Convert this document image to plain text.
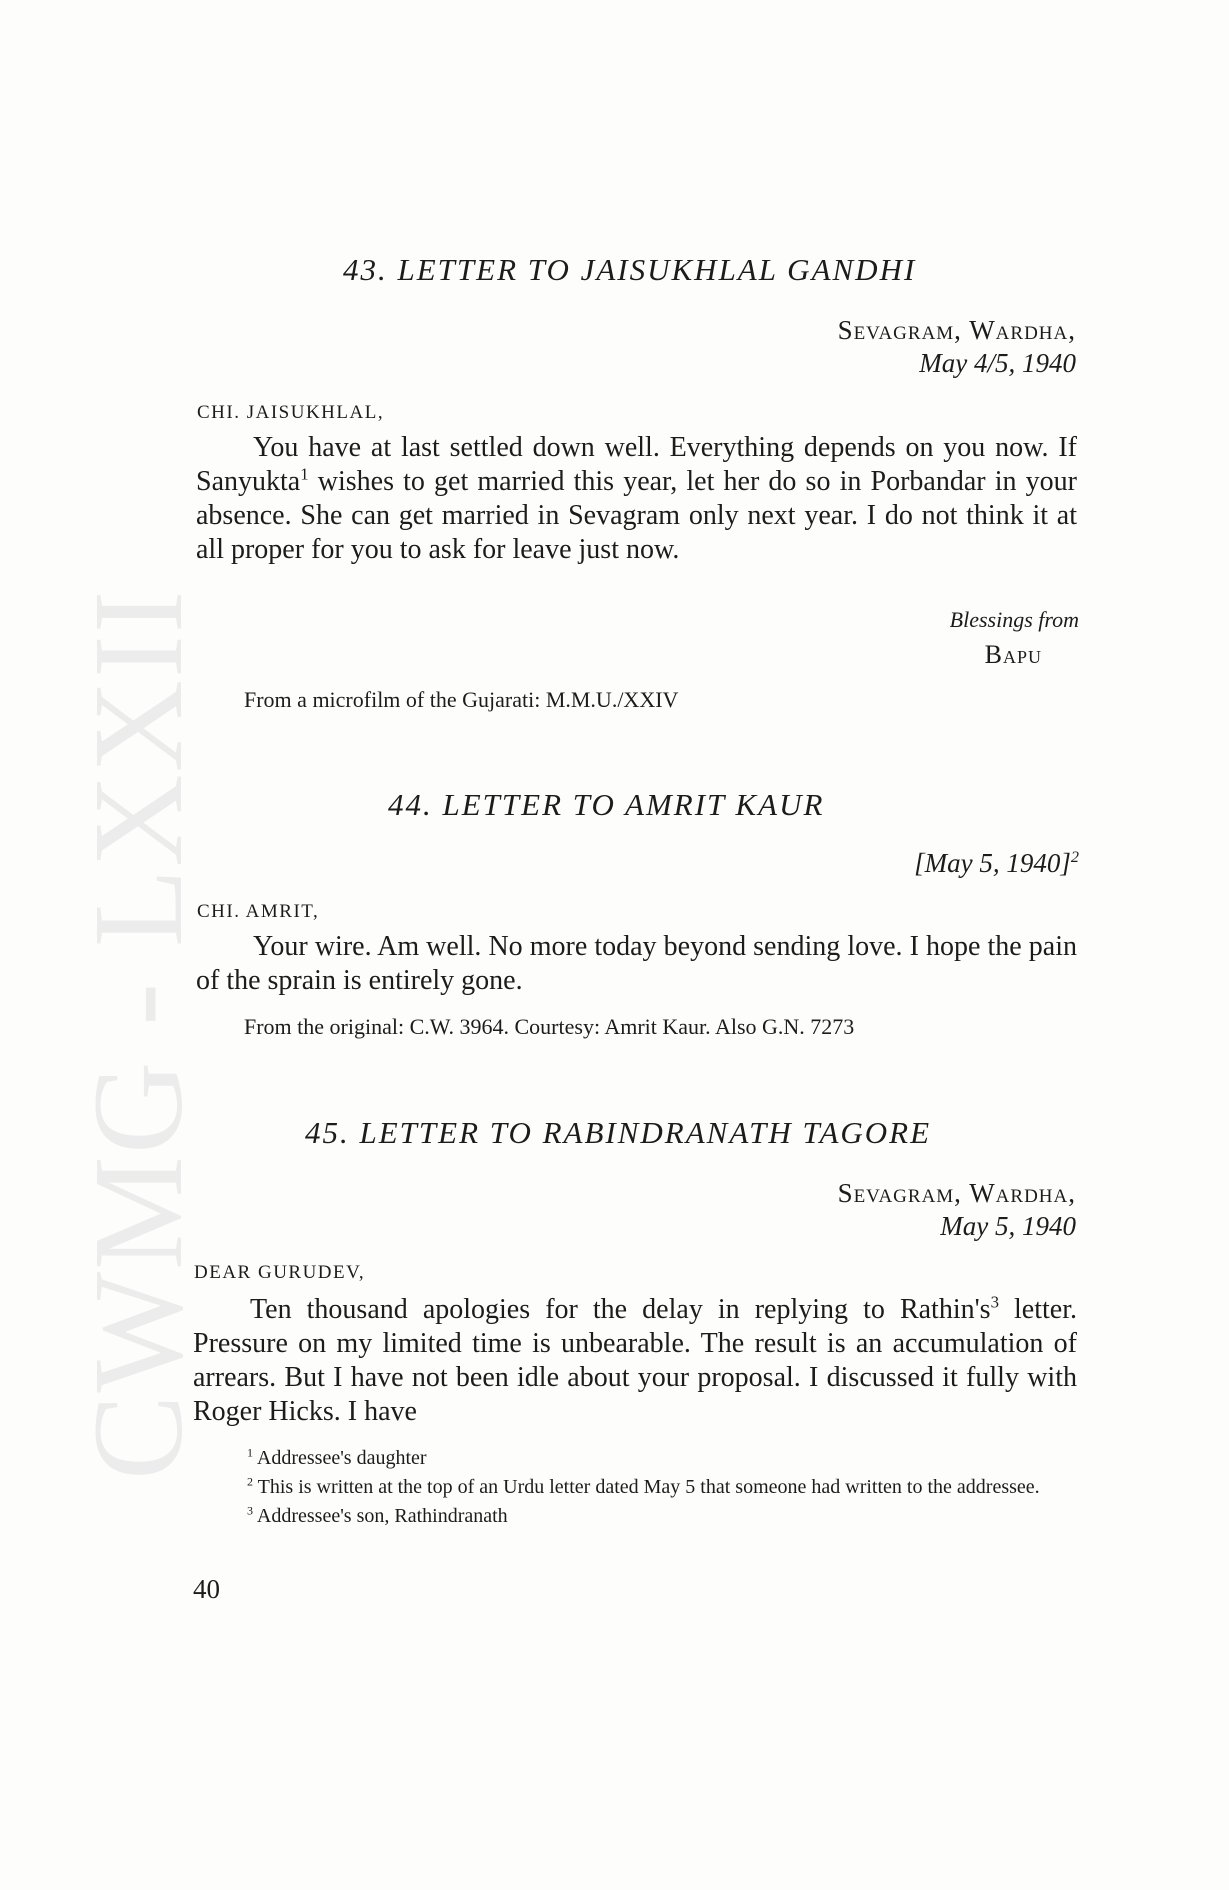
CWMG - LXXII
43. LETTER TO JAISUKHLAL GANDHI
Sevagram, Wardha,
May 4/5, 1940
CHI. JAISUKHLAL,
You have at last settled down well. Everything depends on you now. If Sanyukta$^1$ wishes to get married this year, let her do so in Porbandar in your absence. She can get married in Sevagram only next year. I do not think it at all proper for you to ask for leave just now.
Blessings from
Bapu
From a microfilm of the Gujarati: M.M.U./XXIV
44. LETTER TO AMRIT KAUR
[May 5, 1940]$^2$
CHI. AMRIT,
Your wire. Am well. No more today beyond sending love. I hope the pain of the sprain is entirely gone.
From the original: C.W. 3964. Courtesy: Amrit Kaur. Also G.N. 7273
45. LETTER TO RABINDRANATH TAGORE
Sevagram, Wardha,
May 5, 1940
DEAR GURUDEV,
Ten thousand apologies for the delay in replying to $Rathin's^3$ letter. Pressure on my limited time is unbearable. The result is an accumulation of arrears. But I have not been idle about your proposal. I discussed it fully with Roger Hicks. I have
$^1$ Addressee's daughter
$^2$ This is written at the top of an Urdu letter dated May 5 that someone had written to the addressee.
$^3$ Addressee's son, Rathindranath
40
